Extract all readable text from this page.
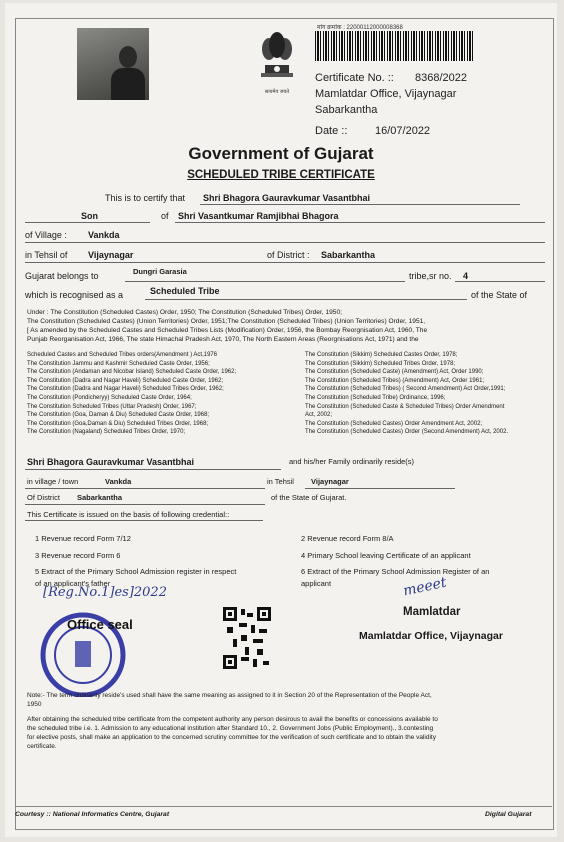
सत्यमेव जयते
मांग क्रमांक : 22000112000008368
Certificate No. :: 8368/2022
Mamlatdar Office, Vijaynagar
Sabarkantha
Date ::	16/07/2022
Government of Gujarat
SCHEDULED TRIBE CERTIFICATE
This is to certify that Shri Bhagora Gauravkumar Vasantbhai
Son	of Shri Vasantkumar Ramjibhai Bhagora
of Village : Vankda
in Tehsil of Vijaynagar	of District : Sabarkantha
Gujarat belongs to	Dungri Garasia	tribe,sr no. 4
which is recognised as a	Scheduled Tribe	of the State of
Under : The Constitution (Scheduled Castes) Order, 1950; The Constitution (Scheduled Tribes) Order, 1950;
The Constitution (Scheduled Castes) (Union Territories) Order, 1951;The Constitution (Scheduled Tribes) (Union Territories) Order, 1951,
[ As amended by the Scheduled Castes and Scheduled Tribes Lists (Modification) Order, 1956, the Bombay Reorgnisation Act, 1960, The
Punjab Reorganisation Act, 1966, The state Himachal Pradesh Act, 1970, The North Eastern Areas (Reorgnisations Act, 1971) and the
Scheduled Castes and Scheduled Tribes orders(Amendment ) Act,1976
The Constitution Jammu and Kashmir Scheduled Caste Order, 1956;
The Constitution (Andaman and Nicobar Island) Scheduled Caste Order, 1962;
The Constitution (Dadra and Nagar Haveli) Scheduled Caste Order, 1962;
The Constitution (Dadra and Nagar Haveli) Scheduled Tribes Order, 1962;
The Constitution (Pondicheryy) Scheduled Caste Order, 1964;
The Constitution Scheduled Tribes (Uttar Pradesh) Order, 1967;
The Constitution (Goa, Daman & Diu) Scheduled Caste Order, 1968;
The Constitution (Goa,Daman & Diu) Scheduled Tribes Order, 1968;
The Constitution (Nagaland) Scheduled Tribes Order, 1970;
The Constitution (Sikkim) Scheduled Castes Order, 1978;
The Constitution (Sikkim) Scheduled Tribes Order, 1978;
The Constitution (Scheduled Caste) (Amendment) Act, Order 1990;
The Constitution (Scheduled Tribes) (Amendment) Act, Order 1961;
The Constitution (Scheduled Tribes) ( Second Amendment) Act Order,1991;
The Constitution (Scheduled Tribe) Ordinance, 1996;
The Constitution (Scheduled Caste & Scheduled Tribes) Order Amendment
Act, 2002;
The Constitution (Scheduled Castes) Order Amendment Act, 2002;
The Constitution (Scheduled Castes) Order (Second Amendment) Act, 2002.
Shri Bhagora Gauravkumar Vasantbhai	and his/her Family ordinarily reside(s)
in village / town	Vankda	in Tehsil Vijaynagar
Of District Sabarkantha	of the State of Gujarat.
This Certificate is issued on the basis of following credential::
1 Revenue record Form 7/12
3 Revenue record Form 6
5 Extract of the Primary School Admission register in respect
of an applicant's father
2 Revenue record Form 8/A
4 Primary School leaving Certificate of an applicant
6 Extract of the Primary School Admission Register of an
applicant
[Reg.No.1]es]2022
Office seal
meeet
Mamlatdar
Mamlatdar Office, Vijaynagar
Note:- The term ordinarily reside's used shall have the same meaning as assigned to it in Section 20 of the Representation of the People Act,
1950
After obtaining the scheduled tribe certificate from the competent authority any person desirous to avail the benefits or concessions available to
the scheduled tribe i.e. 1. Admission to any educational institution after Standard 10., 2. Government Jobs (Public Employment)., 3.contesting
for elective posts, shall make an application to the concerned scrutiny committee for the verification of such certificate and to obtain the validity
certificate.
Courtesy :: National Informatics Centre, Gujarat	Digital Gujarat
